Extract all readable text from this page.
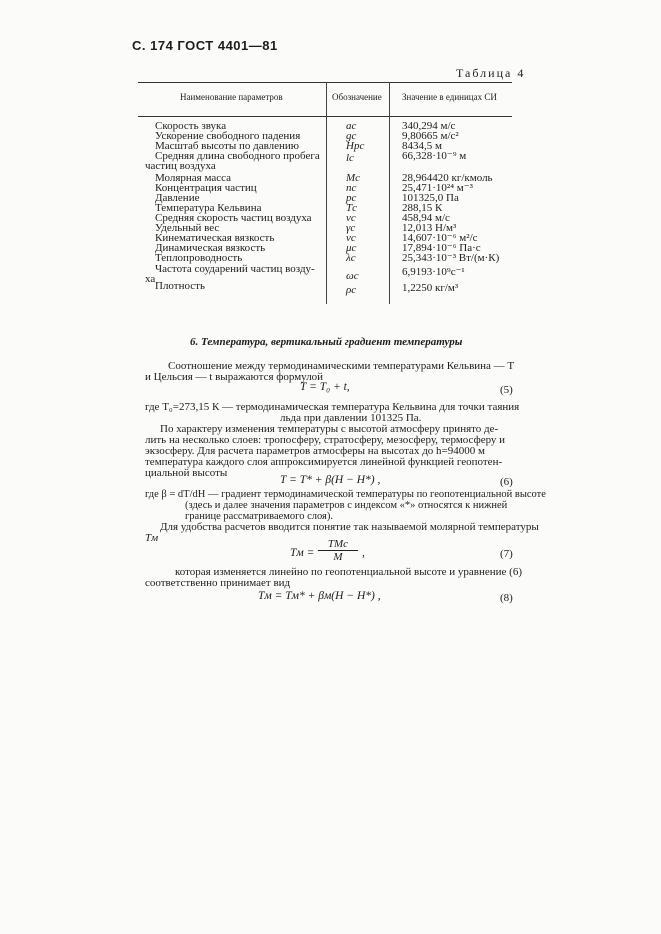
С. 174 ГОСТ 4401—81
Таблица 4
Наименование параметров	Обозначение Значение в единицах СИ
Скорость звука	aс	340,294 м/с
Ускорение свободного падения	gс	9,80665 м/с²
Масштаб высоты по давлению	Hрс	8434,5 м
Средняя длина свободного пробега
частиц воздуха
lс	66,328·10⁻⁹ м
Молярная масса	Mс	28,964420 кг/кмоль
Концентрация частиц	nс	25,471·10²⁴ м⁻³
Давление	pс	101325,0 Па
Температура Кельвина	Tс	288,15 К
Средняя скорость частиц воздуха	vс	458,94 м/с
Удельный вес	γс	12,013 Н/м³
Кинематическая вязкость	νс	14,607·10⁻⁶ м²/с
Динамическая вязкость	μс	17,894·10⁻⁶ Па·с
Теплопроводность	λс	25,343·10⁻³ Вт/(м·К)
Частота соударений частиц возду-
ха	ωс	6,9193·10⁹с⁻¹
Плотность	ρс	1,2250 кг/м³
6. Температура, вертикальный градиент температуры
Соотношение между термодинамическими температурами Кельвина — T
и Цельсия — t выражаются формулой
T = T₀ + t,	(5)
где T₀=273,15 К — термодинамическая температура Кельвина для точки таяния
льда при давлении 101325 Па.
По характеру изменения температуры с высотой атмосферу принято де-
лить на несколько слоев: тропосферу, стратосферу, мезосферу, термосферу и
экзосферу. Для расчета параметров атмосферы на высотах до h=94000 м
температура каждого слоя аппроксимируется линейной функцией геопотен-
циальной высоты
T = T* + β(H − H*) ,	(6)
где β = dT/dH — градиент термодинамической температуры по геопотенциальной высоте
(здесь и далее значения параметров с индексом «*» относятся к нижней
границе рассматриваемого слоя).
Для удобства расчетов вводится понятие так называемой молярной температуры
Tм
Tм =
TMс
M	,	(7)
которая изменяется линейно по геопотенциальной высоте и уравнение (6)
соответственно принимает вид
Tм = Tм* + βм(H − H*) ,	(8)
